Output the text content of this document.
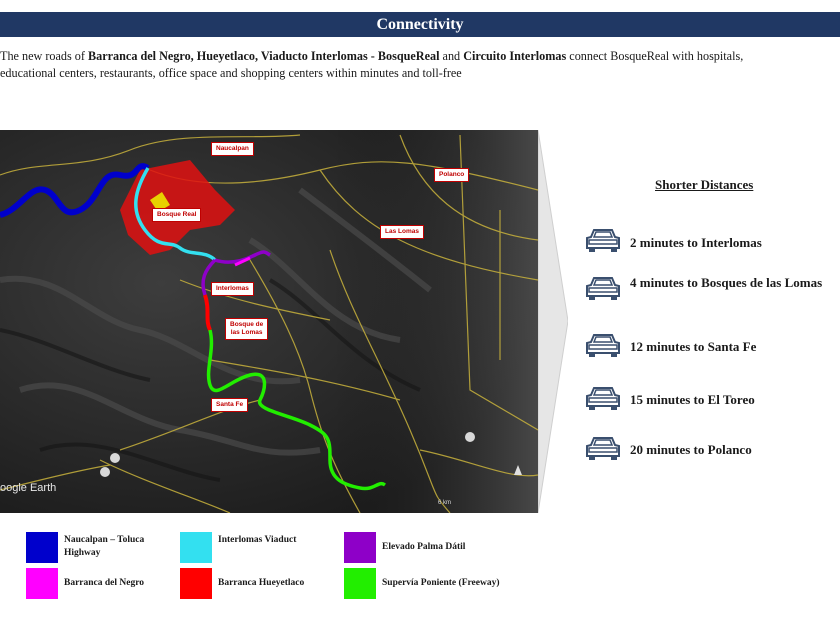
Connectivity
The new roads of Barranca del Negro, Hueyetlaco, Viaducto Interlomas - BosqueReal and Circuito Interlomas connect BosqueReal with hospitals,
educational centers, restaurants, office space and shopping centers within minutes and toll-free
Naucalpan
Polanco
Bosque Real
Las Lomas
Interlomas
Bosque de
las Lomas
Santa Fe
oogle Earth
6 km
Shorter Distances
2 minutes to Interlomas
4 minutes to Bosques de las Lomas
12 minutes to Santa Fe
15 minutes to El Toreo
20 minutes to Polanco
Naucalpan – Toluca Highway
Interlomas Viaduct
Elevado Palma Dátil
Barranca del Negro	Barranca Hueyetlaco	Supervía Poniente (Freeway)
